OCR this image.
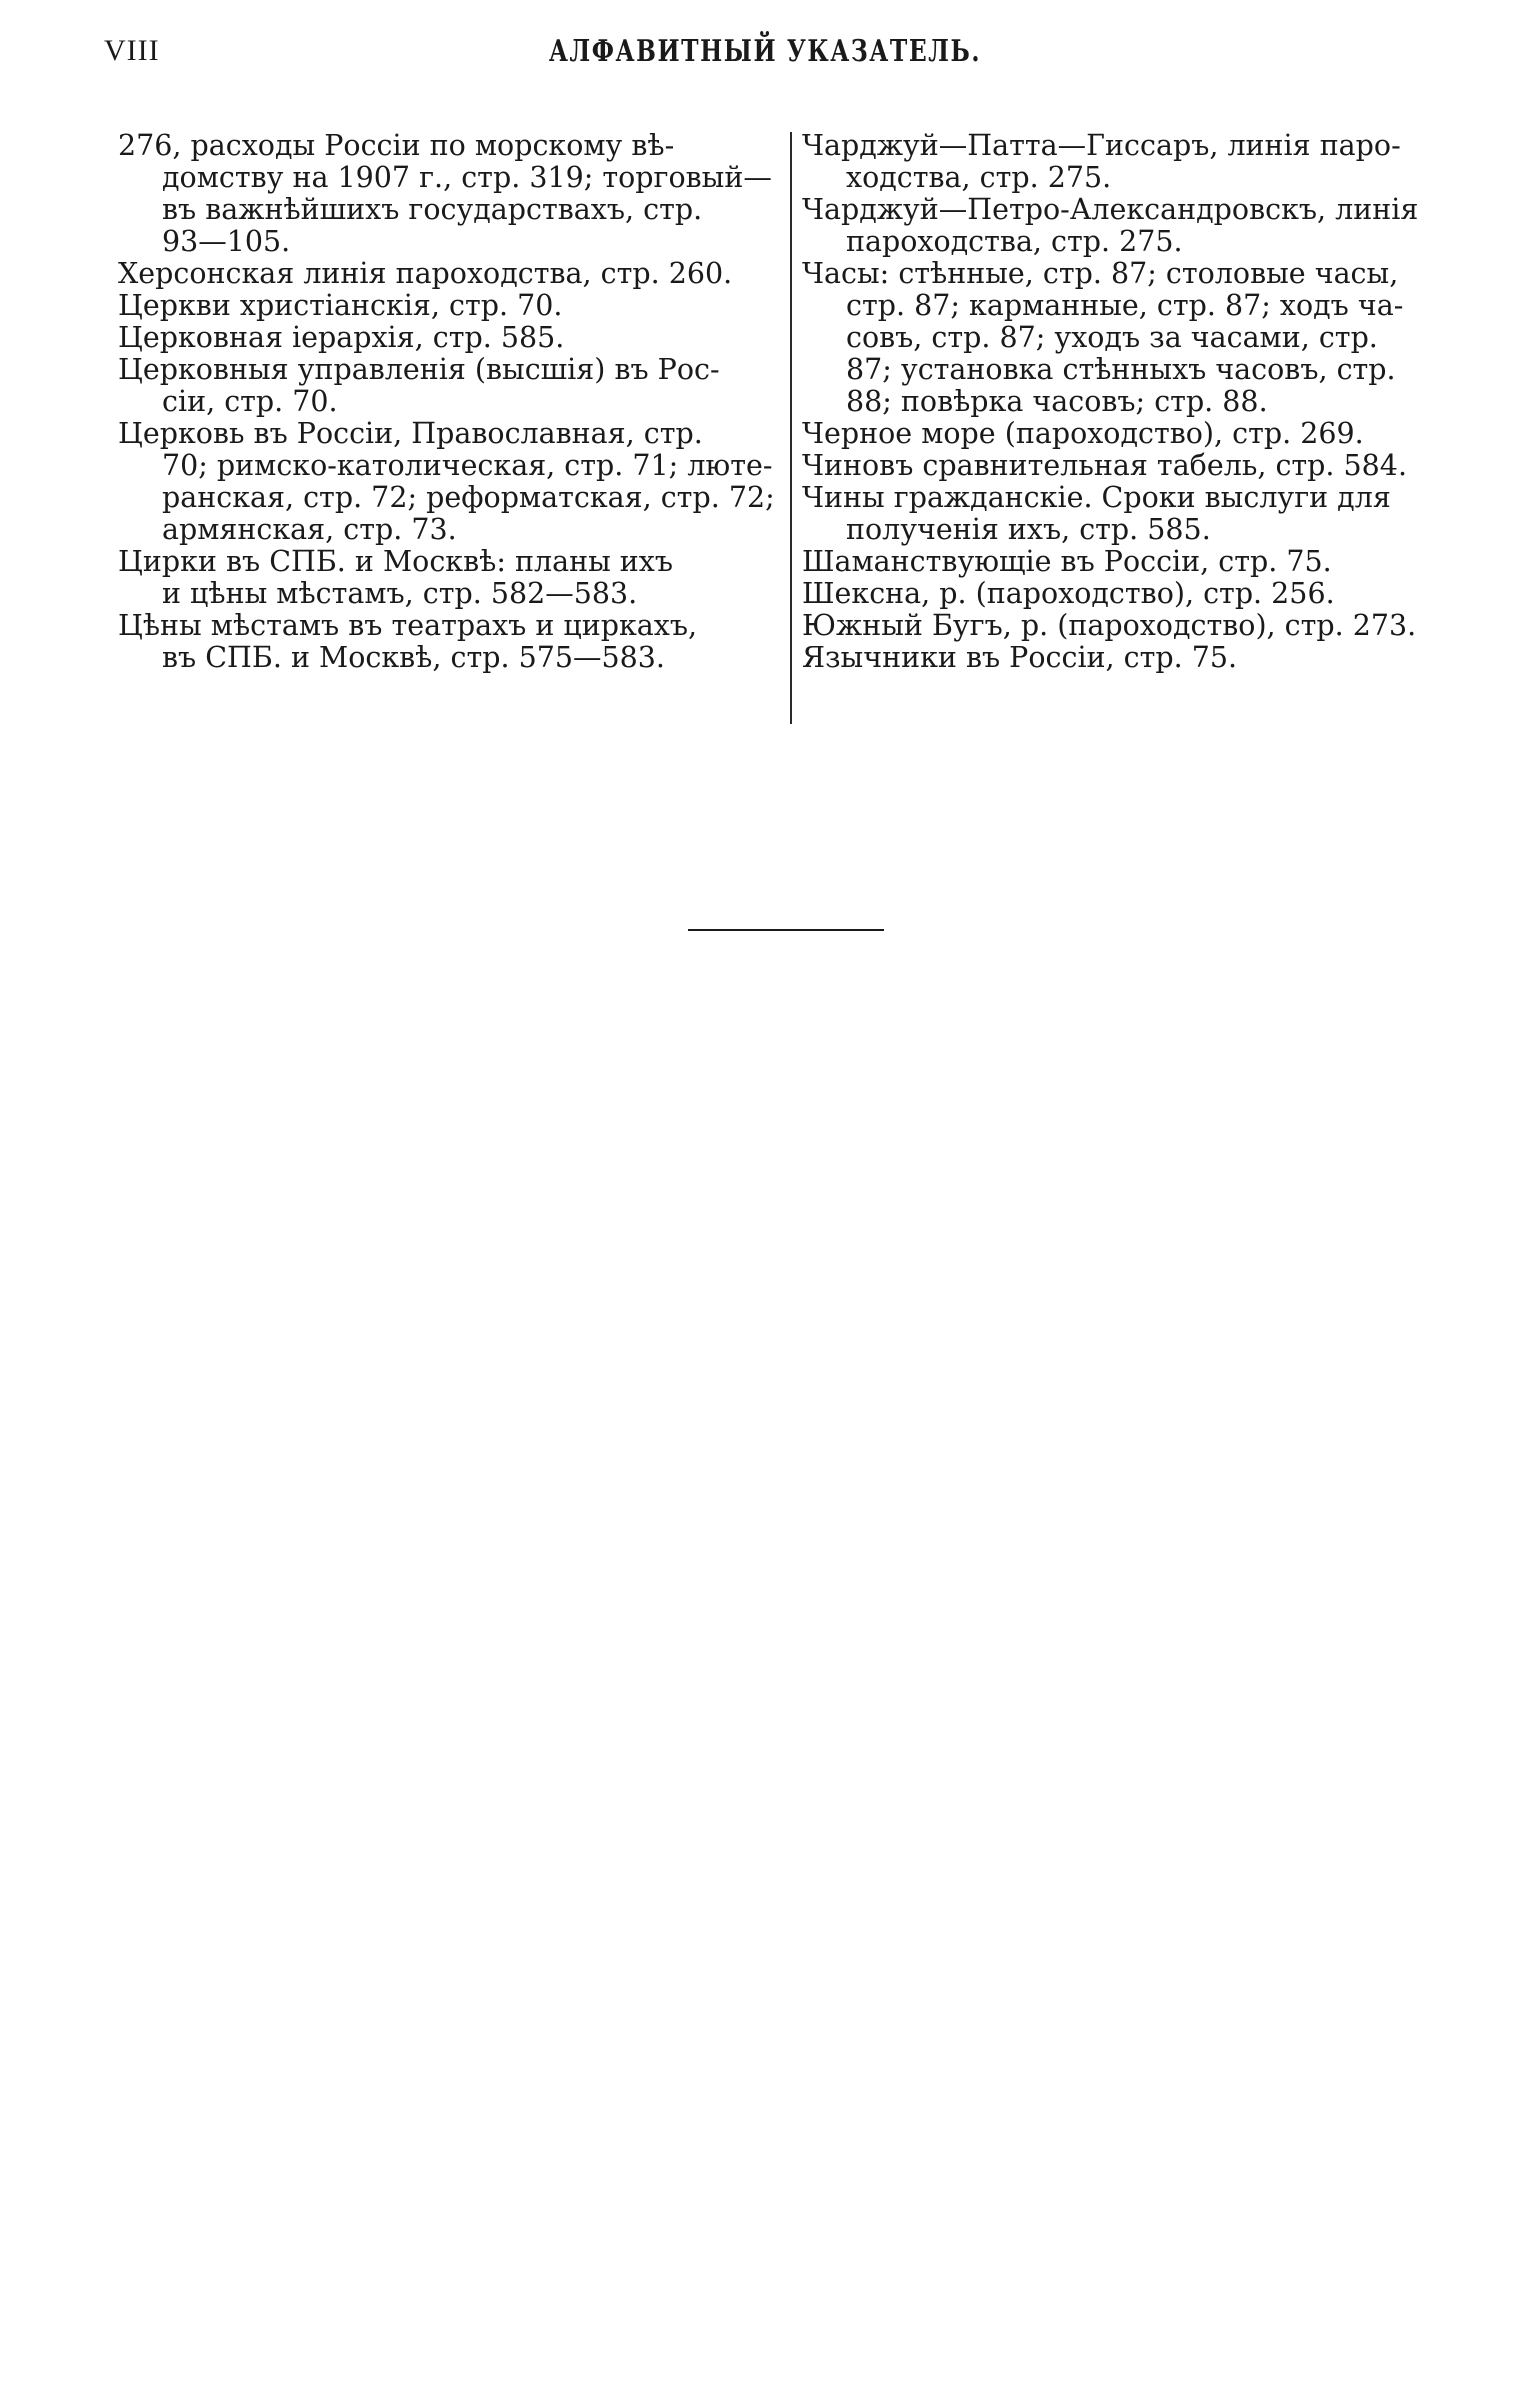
VIII	АЛФАВИТНЫЙ УКАЗАТЕЛЬ.
276, расходы Россіи по морскому вѣ-
домству на 1907 г., стр. 319; торговый—
въ важнѣйшихъ государствахъ, стр.
93—105.
Херсонская линія пароходства, стр. 260.
Церкви христіанскія, стр. 70.
Церковная іерархія, стр. 585.
Церковныя управленія (высшія) въ Рос-
сіи, стр. 70.
Церковь въ Россіи, Православная, стр.
70; римско-католическая, стр. 71; люте-
ранская, стр. 72; реформатская, стр. 72;
армянская, стр. 73.
Цирки въ СПБ. и Москвѣ: планы ихъ
и цѣны мѣстамъ, стр. 582—583.
Цѣны мѣстамъ въ театрахъ и циркахъ,
въ СПБ. и Москвѣ, стр. 575—583.
Чарджуй—Патта—Гиссаръ, линія паро-
ходства, стр. 275.
Чарджуй—Петро-Александровскъ, линія
пароходства, стр. 275.
Часы: стѣнные, стр. 87; столовые часы,
стр. 87; карманные, стр. 87; ходъ ча-
совъ, стр. 87; уходъ за часами, стр.
87; установка стѣнныхъ часовъ, стр.
88; повѣрка часовъ; стр. 88.
Черное море (пароходство), стр. 269.
Чиновъ сравнительная табель, стр. 584.
Чины гражданскіе. Сроки выслуги для
полученія ихъ, стр. 585.
Шаманствующіе въ Россіи, стр. 75.
Шексна, р. (пароходство), стр. 256.
Южный Бугъ, р. (пароходство), стр. 273.
Язычники въ Россіи, стр. 75.
